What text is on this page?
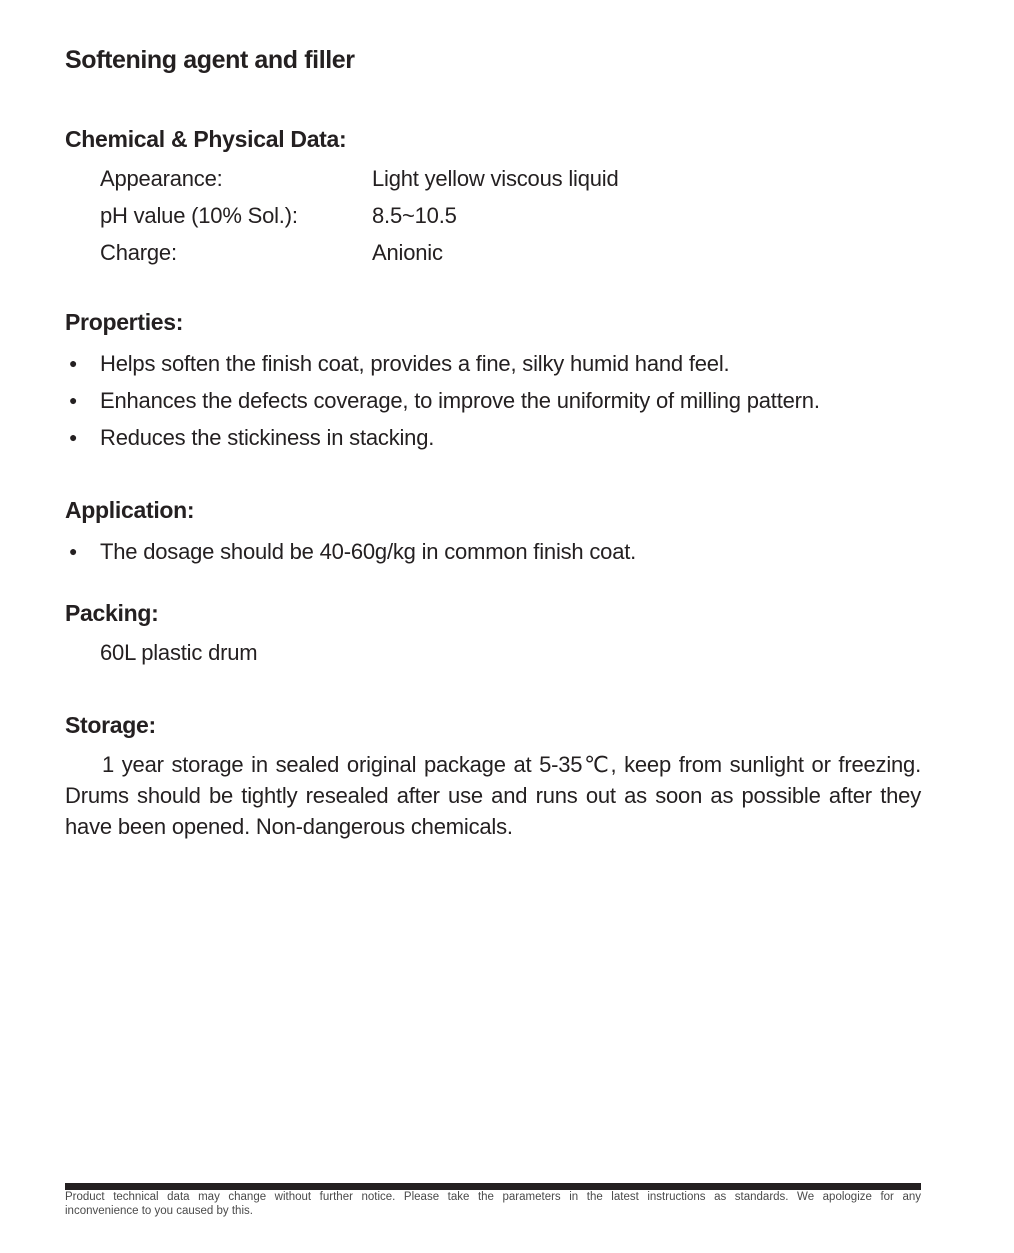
Softening agent and filler
Chemical & Physical Data:
Appearance:	Light yellow viscous liquid
pH value (10% Sol.):	8.5~10.5
Charge:	Anionic
Properties:
●	Helps soften the finish coat, provides a fine, silky humid hand feel.
●	Enhances the defects coverage, to improve the uniformity of milling pattern.
●	Reduces the stickiness in stacking.
Application:
●	The dosage should be 40-60g/kg in common finish coat.
Packing:
60L plastic drum
Storage:

1 year storage in sealed original package at 5-35℃, keep from sunlight or freezing. Drums should be tightly resealed after use and runs out as soon as possible after they have been opened. Non-dangerous chemicals.

Product technical data may change without further notice. Please take the parameters in the latest instructions as standards. We apologize for any
inconvenience to you caused by this.
